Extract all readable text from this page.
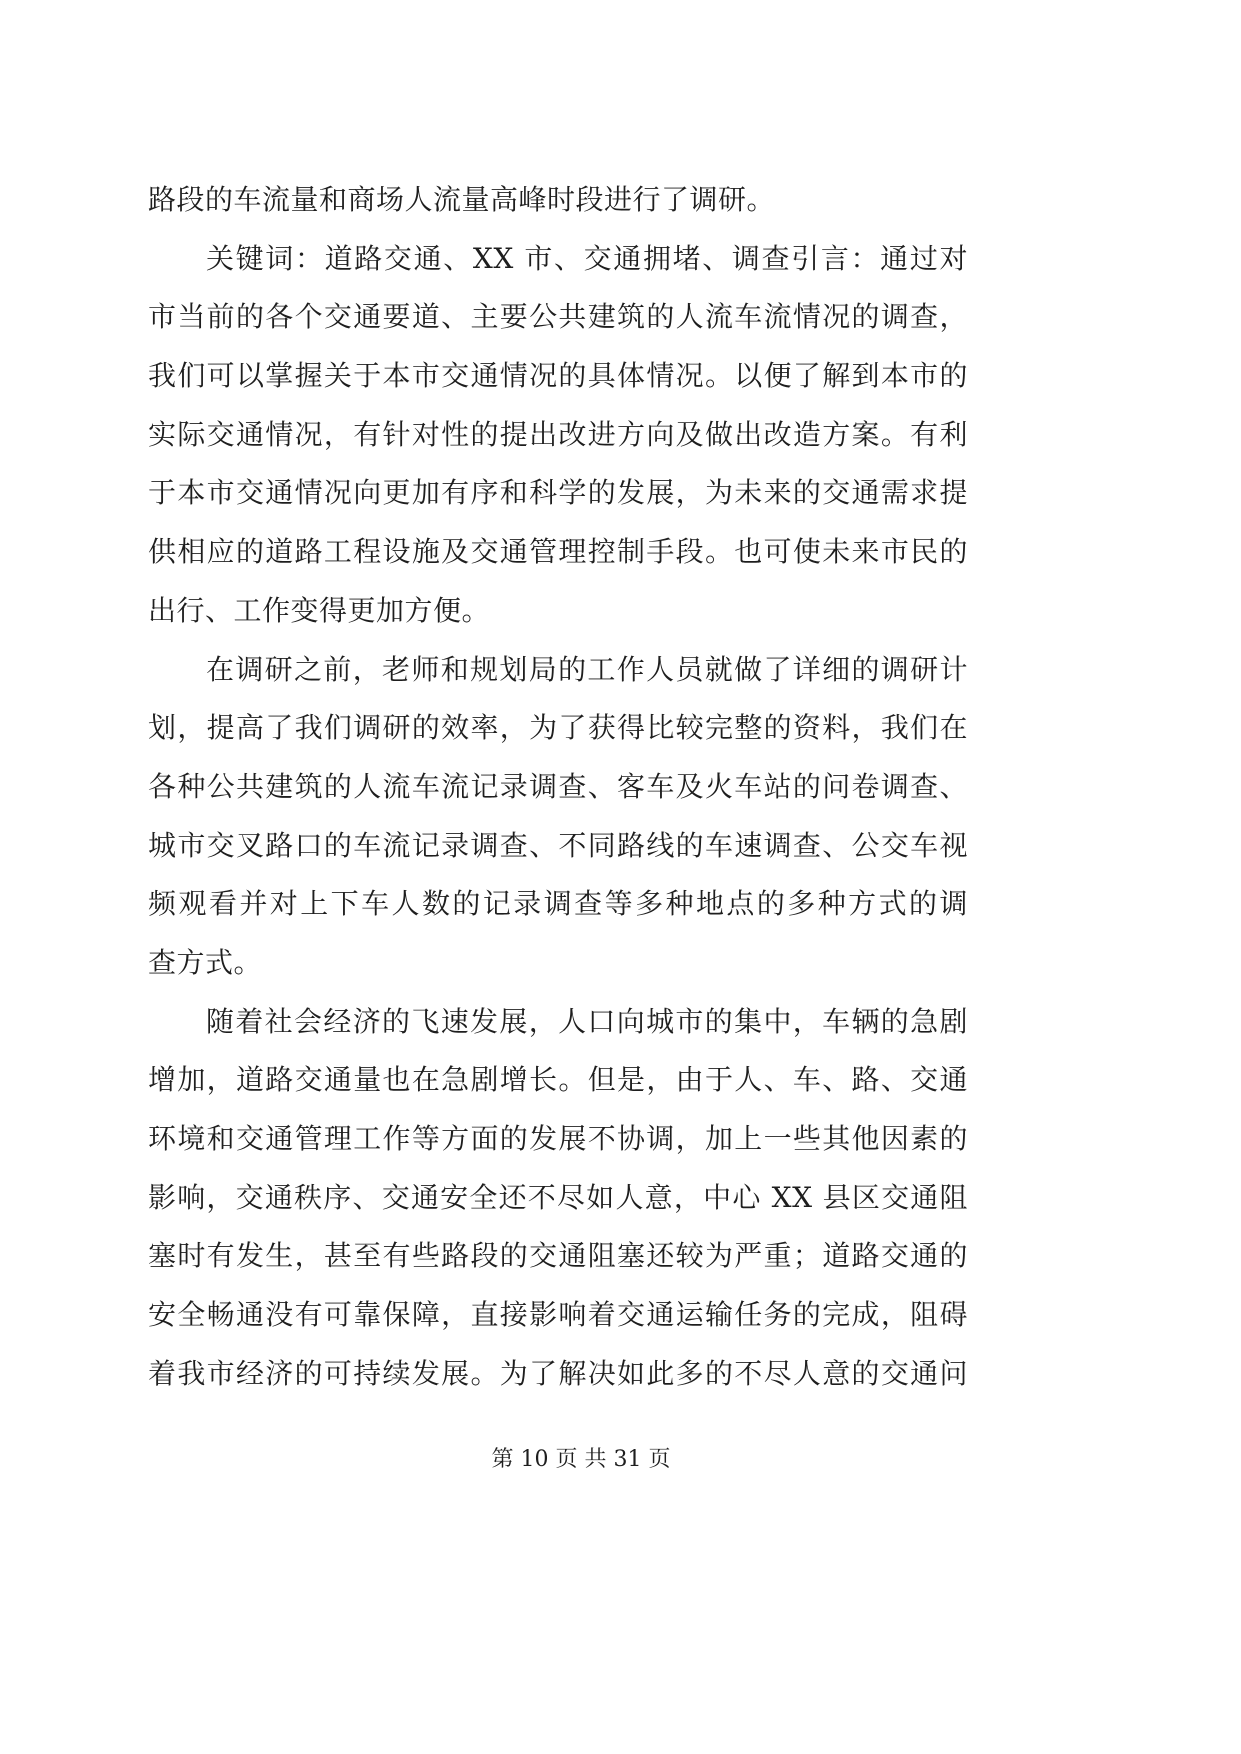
路段的车流量和商场人流量高峰时段进行了调研。
关键词：道路交通、XX 市、交通拥堵、调查引言：通过对
市当前的各个交通要道、主要公共建筑的人流车流情况的调查，
我们可以掌握关于本市交通情况的具体情况。以便了解到本市的
实际交通情况，有针对性的提出改进方向及做出改造方案。有利
于本市交通情况向更加有序和科学的发展，为未来的交通需求提
供相应的道路工程设施及交通管理控制手段。也可使未来市民的
出行、工作变得更加方便。
在调研之前，老师和规划局的工作人员就做了详细的调研计
划，提高了我们调研的效率，为了获得比较完整的资料，我们在
各种公共建筑的人流车流记录调查、客车及火车站的问卷调查、
城市交叉路口的车流记录调查、不同路线的车速调查、公交车视
频观看并对上下车人数的记录调查等多种地点的多种方式的调
查方式。
随着社会经济的飞速发展，人口向城市的集中，车辆的急剧
增加，道路交通量也在急剧增长。但是，由于人、车、路、交通
环境和交通管理工作等方面的发展不协调，加上一些其他因素的
影响，交通秩序、交通安全还不尽如人意，中心 XX 县区交通阻
塞时有发生，甚至有些路段的交通阻塞还较为严重；道路交通的
安全畅通没有可靠保障，直接影响着交通运输任务的完成，阻碍
着我市经济的可持续发展。为了解决如此多的不尽人意的交通问
第 10 页 共 31 页
